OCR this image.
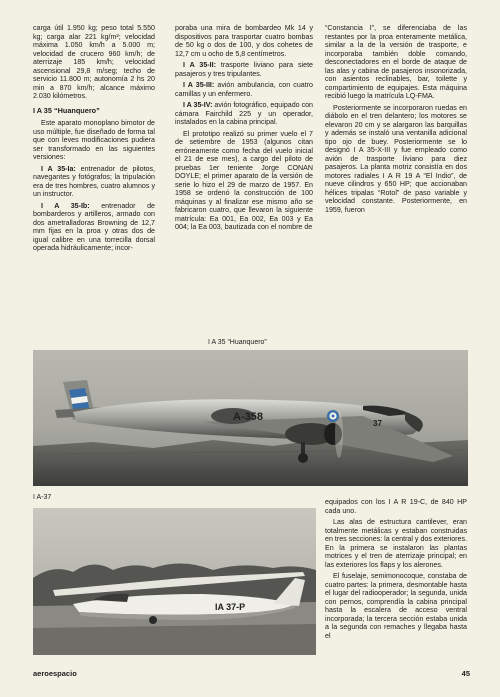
carga útil 1.950 kg; peso total 5.550 kg; carga alar 221 kg/m²; velocidad máxima 1.050 km/h a 5.000 m; velocidad de crucero 960 km/h; de aterrizaje 185 km/h; velocidad ascensional 29,8 m/seg; techo de servicio 11.800 m; autonomía 2 hs 20 min a 870 km/h; alcance máximo 2.030 kilómetros.

I A 35 “Huanquero”

Este aparato monoplano bimotor de uso múltiple, fue diseñado de forma tal que con leves modificaciones pudiera ser transformado en las siguientes versiones:

I A 35-Ia: entrenador de pilotos, navegantes y fotógrafos; la tripulación era de tres hombres, cuatro alumnos y un instructor.

I A 35-Ib: entrenador de bombarderos y artilleros, armado con dos ametralladoras Browning de 12,7 mm fijas en la proa y otras dos de igual calibre en una torrecilla dorsal operada hidráulicamente; incor-

poraba una mira de bombardeo Mk 14 y dispositivos para trasportar cuatro bombas de 50 kg o dos de 100, y dos cohetes de 12,7 cm u ocho de 5,8 centímetros.

I A 35-II: trasporte liviano para siete pasajeros y tres tripulantes.

I A 35-III: avión ambulancia, con cuatro camillas y un enfermero.

I A 35-IV: avión fotográfico, equipado con cámara Fairchild 225 y un operador, instalados en la cabina principal.

El prototipo realizó su primer vuelo el 7 de setiembre de 1953 (algunos citan erróneamente como fecha del vuelo inicial el 21 de ese mes), a cargo del piloto de pruebas 1er teniente Jorge CONAN DOYLE; el primer aparato de la versión de serie lo hizo el 29 de marzo de 1957. En 1958 se ordenó la construcción de 100 máquinas y al finalizar ese mismo año se fabricaron cuatro, que llevaron la siguiente matrícula: Ea 001, Ea 002, Ea 003 y Ea 004; la Ea 003, bautizada con el nombre de

“Constancia I”, se diferenciaba de las restantes por la proa enteramente metálica, similar a la de la versión de trasporte, e incorporaba también doble comando, desconectadores en el borde de ataque de las alas y cabina de pasajeros insonorizada, con asientos reclinables, bar, toilette y compartimiento de equipajes. Esta máquina recibió luego la matrícula LQ-FMA.

Posteriormente se incorporaron ruedas en diábolo en el tren delantero; los motores se elevaron 20 cm y se alargaron las barquillas y además se instaló una ventanilla adicional tipo ojo de buey. Posteriormente se lo designó I A 35-X-III y fue empleado como avión de trasporte liviano para diez pasajeros. La planta motriz consistía en dos motores radiales I A R 19 A “El Indio”, de nueve cilindros y 650 HP; que accionaban hélices tripalas “Rotol” de paso variable y velocidad constante. Posteriormente, en 1959, fueron

I A 35 “Huanquero”
A-358
37
I A-37
IA 37-P

equipados con los I A R 19-C, de 840 HP cada uno.

Las alas de estructura cantilever, eran totalmente metálicas y estaban construidas en tres secciones: la central y dos exteriores. En la primera se instalaron las plantas motrices y el tren de aterrizaje principal; en las exteriores los flaps y los alerones.

El fuselaje, semimonocoque, constaba de cuatro partes: la primera, desmontable hasta el lugar del radiooperador; la segunda, unida con pernos, comprendía la cabina principal hasta la escalera de acceso ventral incorporada; la tercera sección estaba unida a la segunda con remaches y llegaba hasta el

aeroespacio	45
